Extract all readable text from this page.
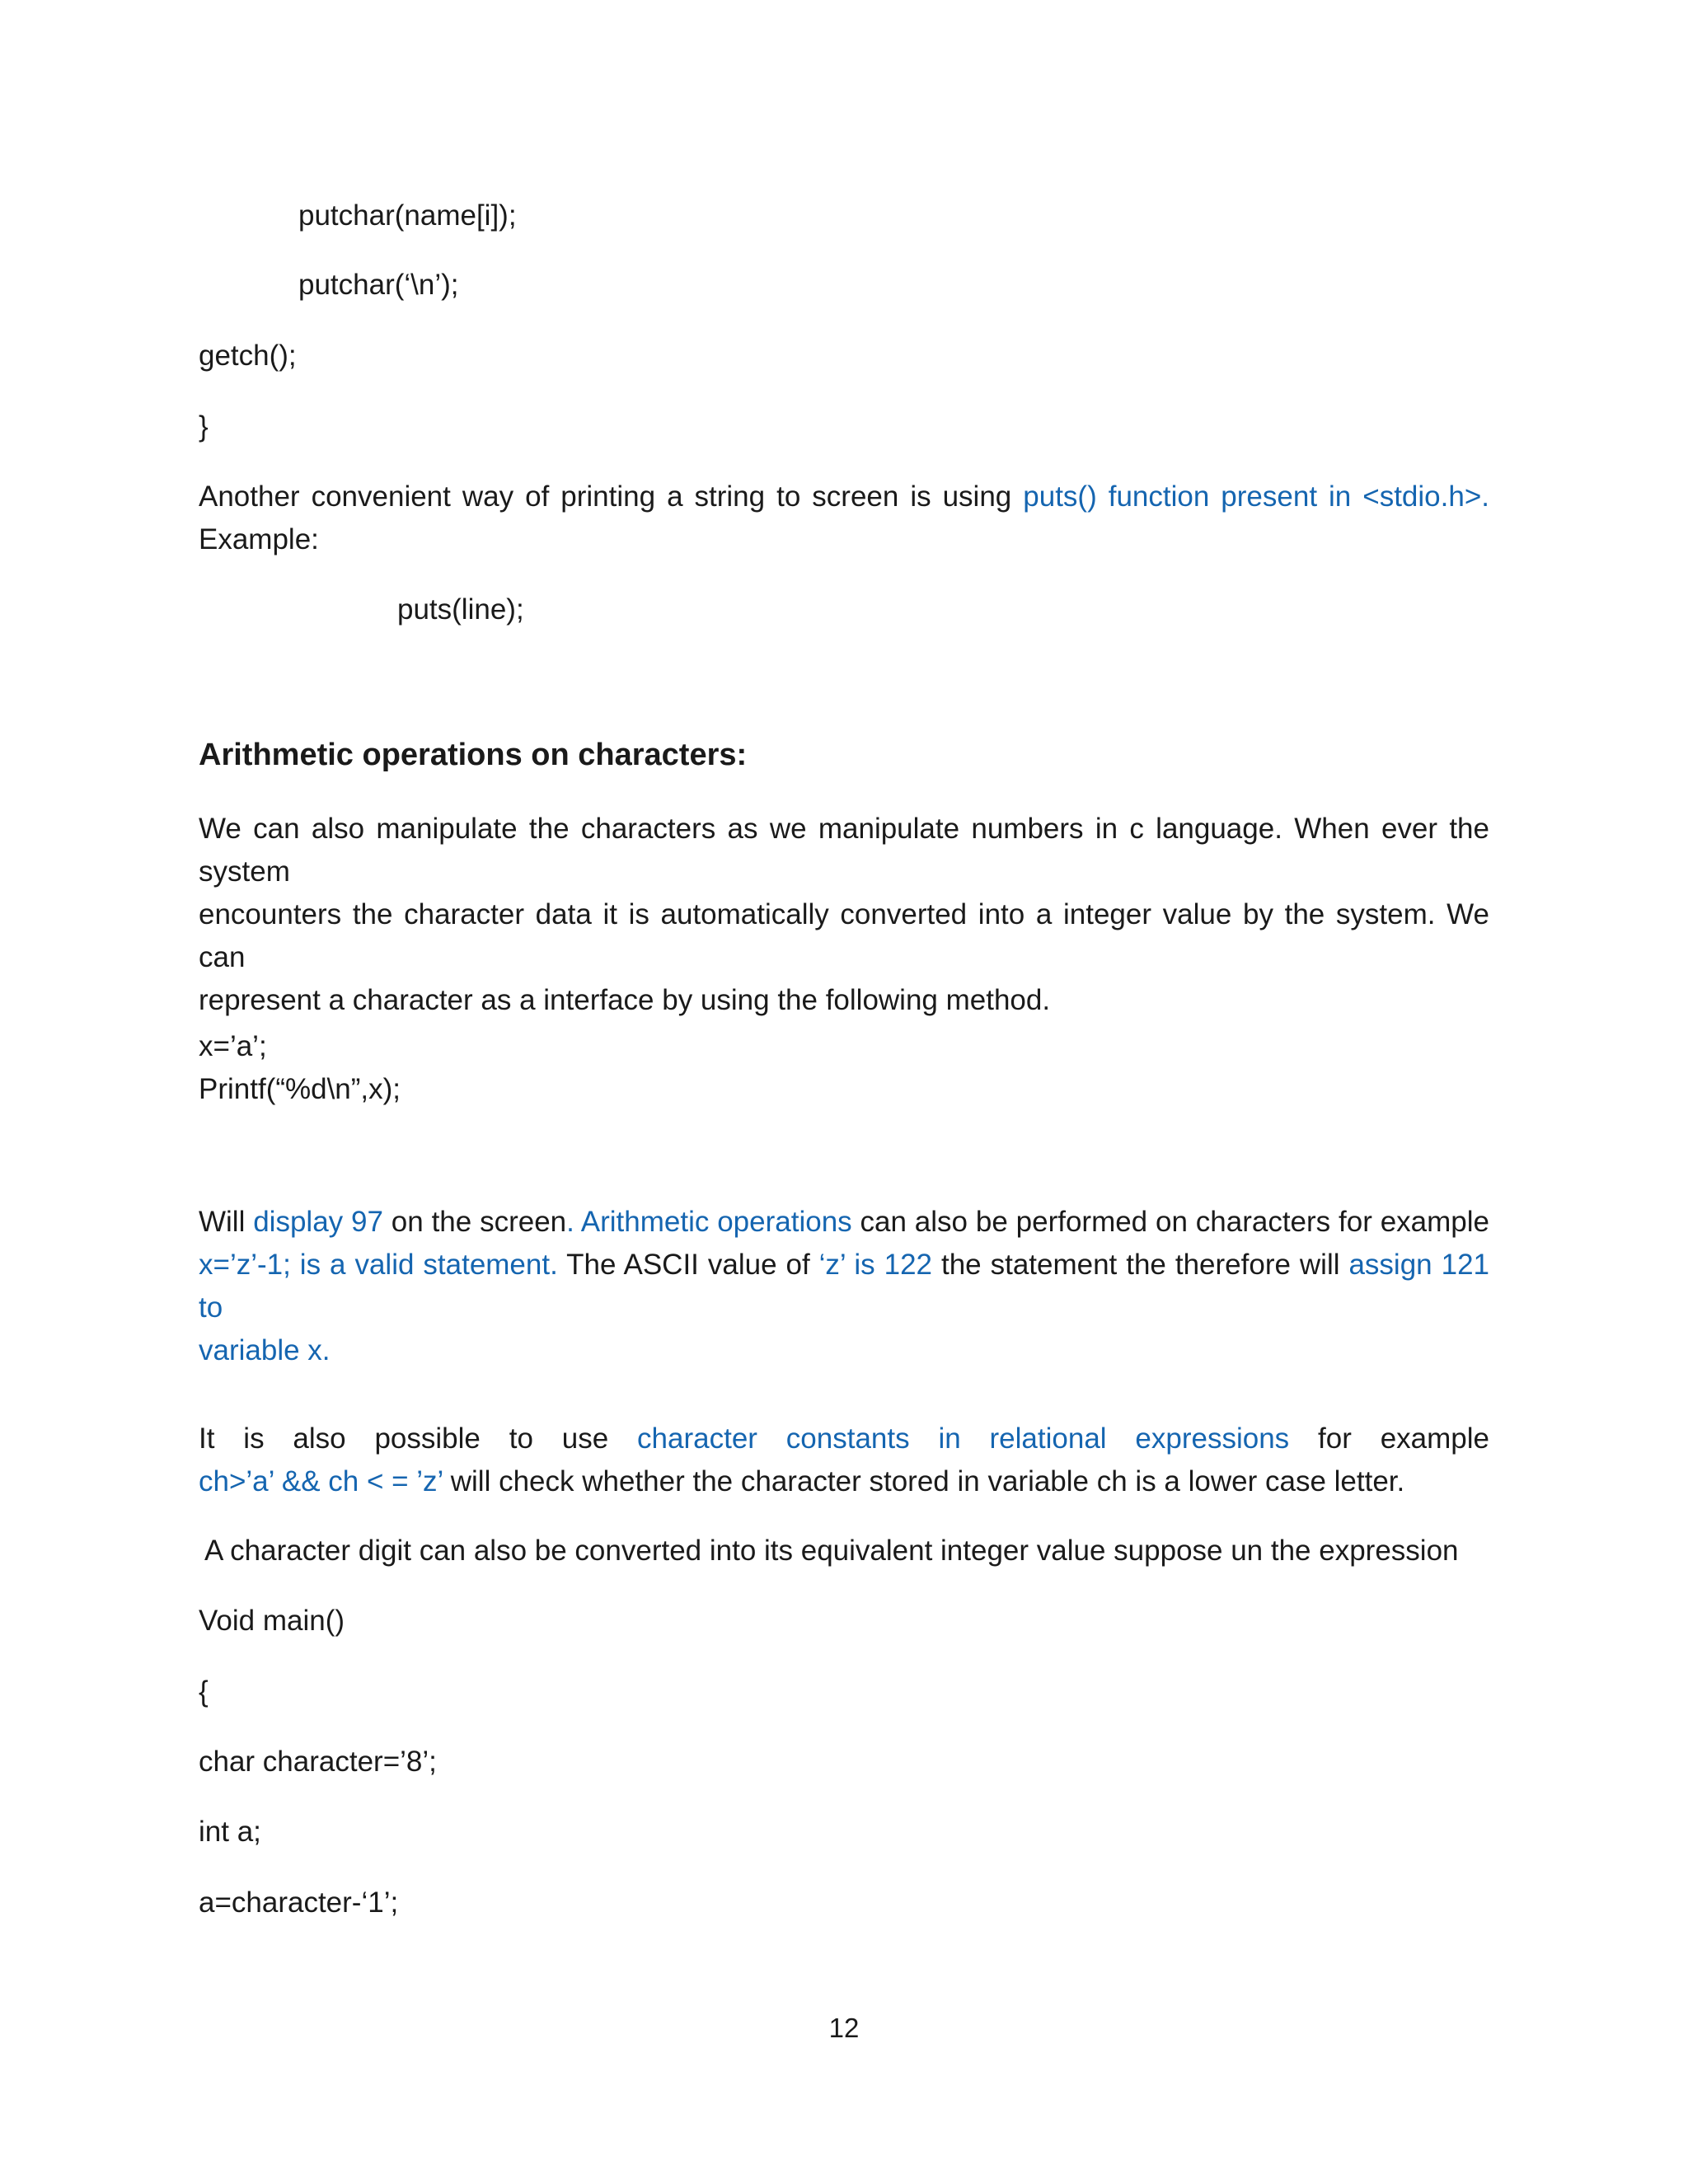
putchar(name[i]);

putchar(‘\n’);

getch();

}

Another convenient way of printing a string to screen is using puts() function present in <stdio.h>.
Example:

puts(line);

Arithmetic operations on characters:
We can also manipulate the characters as we manipulate numbers in c language. When ever the system
encounters the character data it is automatically converted into a integer value by the system. We can
represent a character as a interface by using the following method.

x=’a’;

Printf(“%d\n”,x);

Will display 97 on the screen. Arithmetic operations can also be performed on characters for example
x=’z’-1; is a valid statement. The ASCII value of ‘z’ is 122 the statement the therefore will assign 121 to
variable x.
It is also possible to use character constants in relational expressions for example
ch>’a’ && ch < = ’z’ will check whether the character stored in variable ch is a lower case letter.

A character digit can also be converted into its equivalent integer value suppose un the expression

Void main()

{

char character=’8’;

int a;

a=character-‘1’;

12
